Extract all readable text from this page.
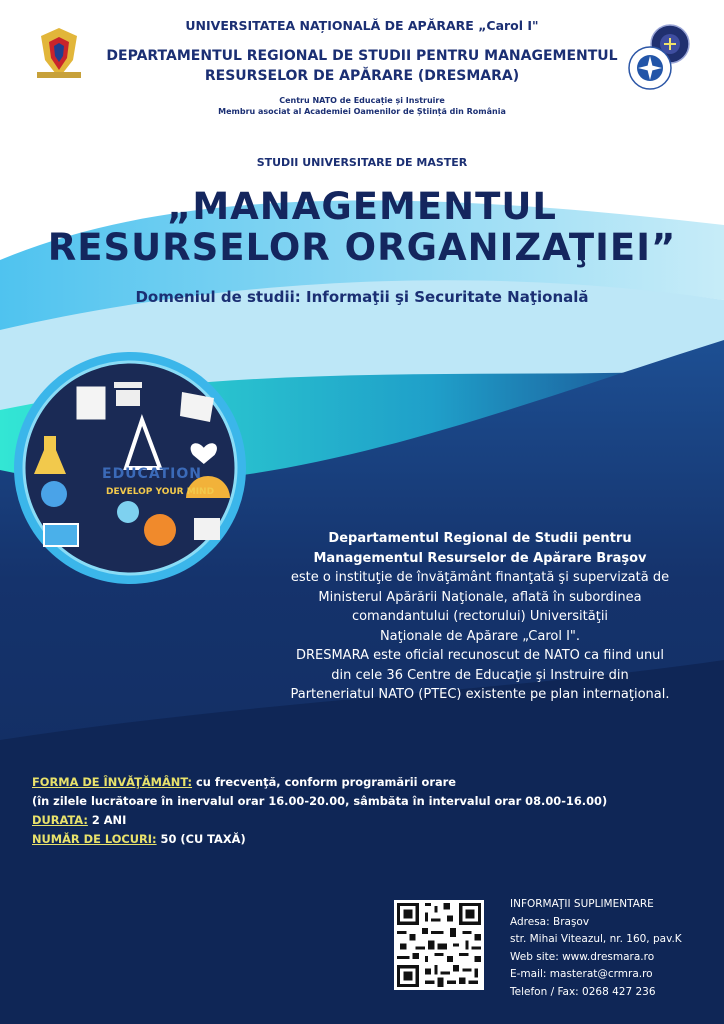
UNIVERSITATEA NAȚIONALĂ DE APĂRARE „Carol I"
DEPARTAMENTUL REGIONAL DE STUDII PENTRU MANAGEMENTUL
RESURSELOR DE APĂRARE (DRESMARA)
Centru NATO de Educație și Instruire
Membru asociat al Academiei Oamenilor de Știință din România
STUDII UNIVERSITARE DE MASTER
„MANAGEMENTUL
RESURSELOR ORGANIZAŢIEI”
Domeniul de studii: Informaţii şi Securitate Naţională
EDUCATION
DEVELOP YOUR MIND
Departamentul Regional de Studii pentru
Managementul Resurselor de Apărare Braşov
este o instituţie de învăţământ finanţată şi supervizată de
Ministerul Apărării Naţionale, aflată în subordinea
comandantului (rectorului) Universităţii
Naţionale de Apărare „Carol I".
DRESMARA este oficial recunoscut de NATO ca fiind unul
din cele 36 Centre de Educaţie şi Instruire din
Parteneriatul NATO (PTEC) existente pe plan internaţional.
FORMA DE ÎNVĂŢĂMÂNT: cu frecvenţă, conform programării orare
(în zilele lucrătoare în inervalul orar 16.00-20.00, sâmbăta în intervalul orar 08.00-16.00)
DURATA: 2 ANI
NUMĂR DE LOCURI: 50 (CU TAXĂ)
INFORMAŢII SUPLIMENTARE
Adresa: Braşov
str. Mihai Viteazul, nr. 160, pav.K
Web site: www.dresmara.ro
E-mail: masterat@crmra.ro
Telefon / Fax: 0268 427 236
